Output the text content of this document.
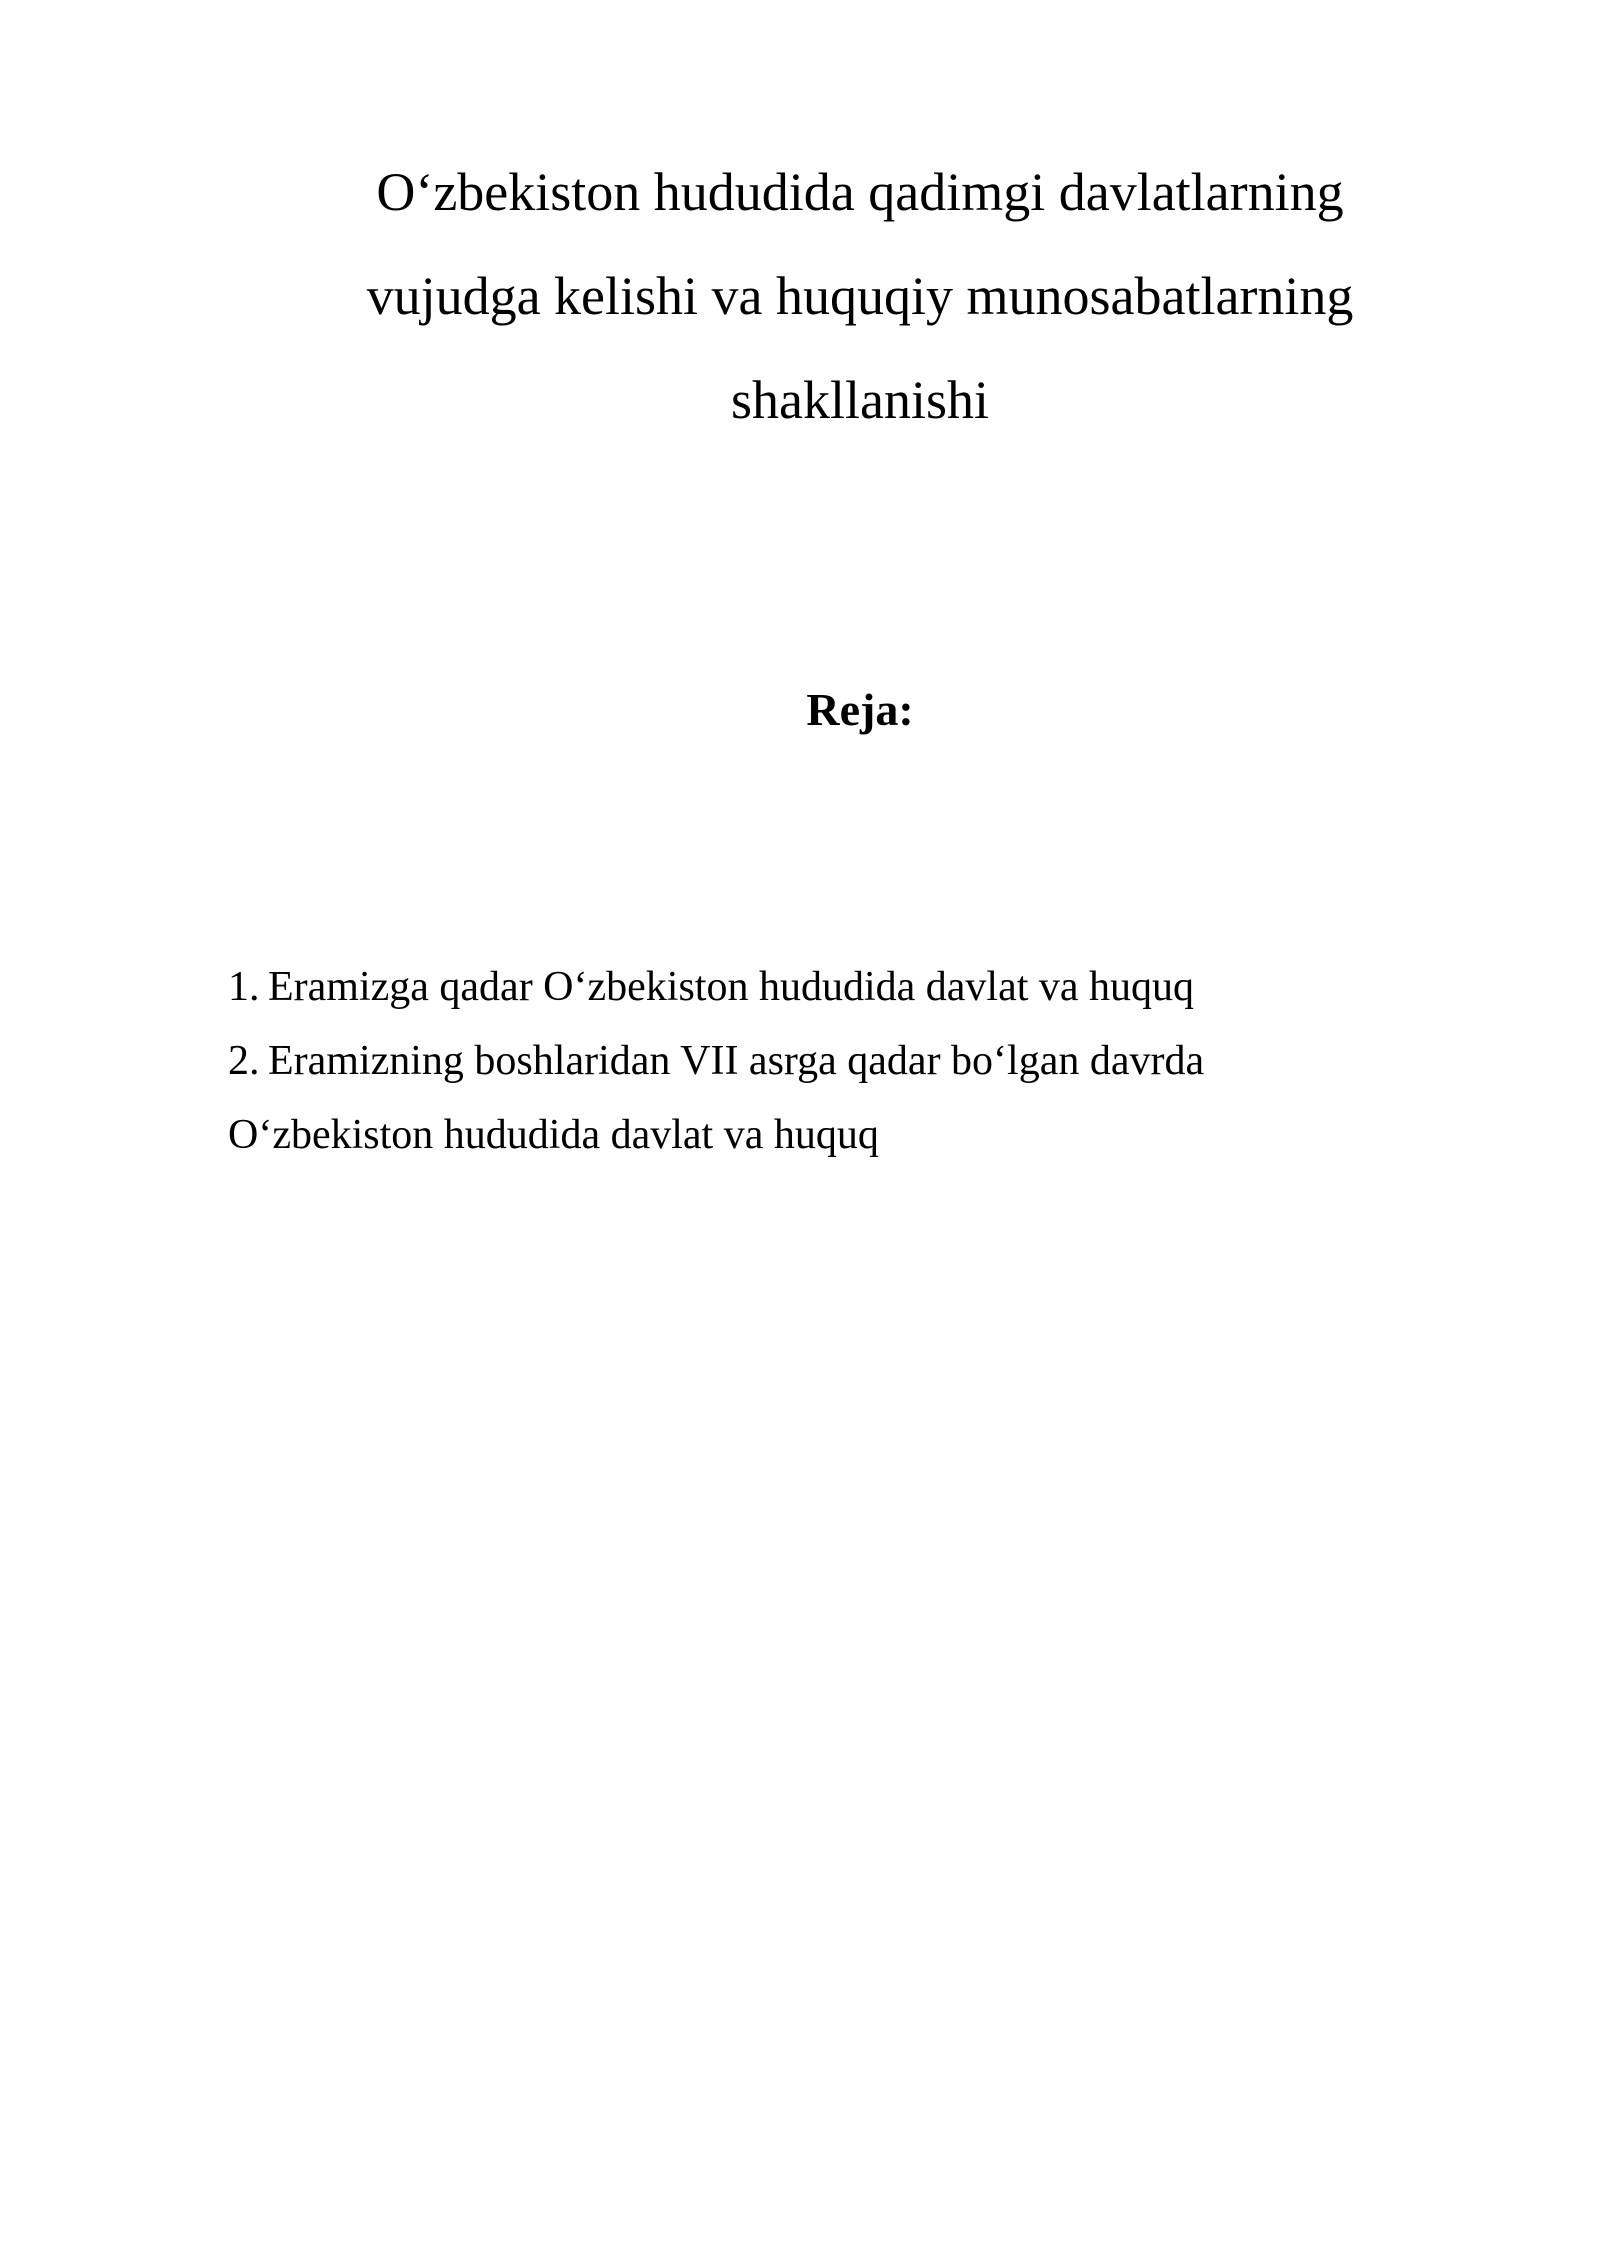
O‘zbekiston hududida qadimgi davlatlarning
vujudga kelishi va huquqiy munosabatlarning
shakllanishi
Reja:
1. Eramizga qadar O‘zbekiston hududida davlat va huquq
2. Eramizning boshlaridan VII asrga qadar bo‘lgan davrda
O‘zbekiston hududida davlat va huquq
